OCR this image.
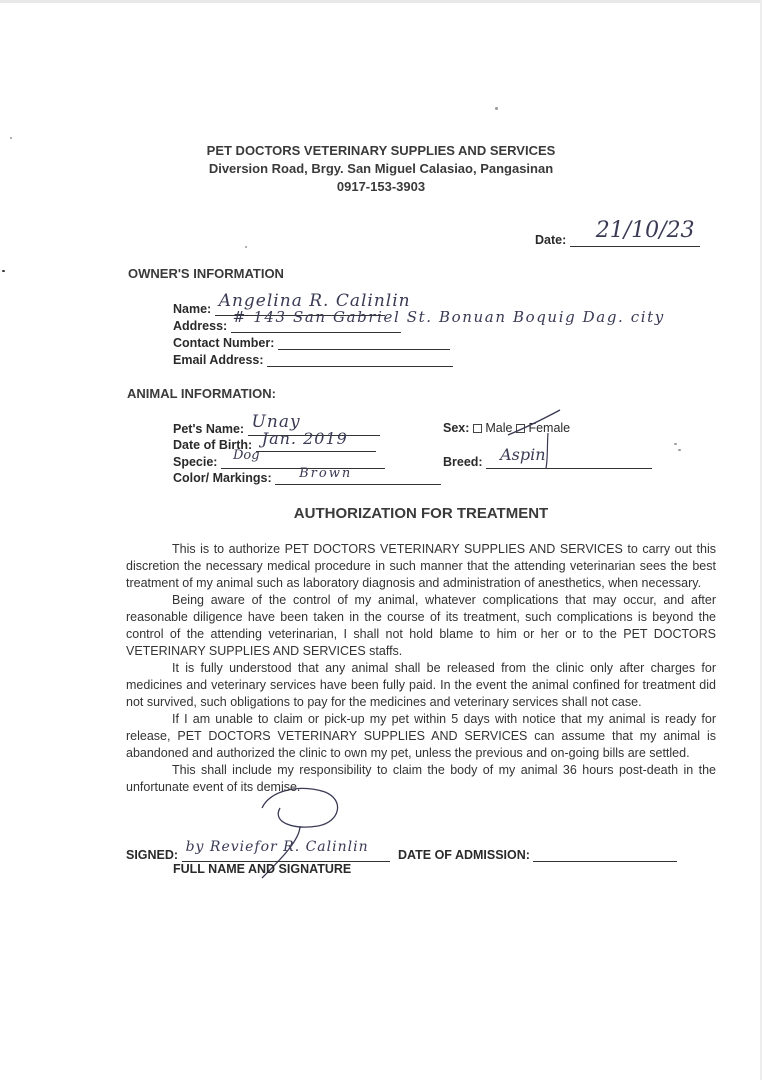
PET DOCTORS VETERINARY SUPPLIES AND SERVICES
Diversion Road, Brgy. San Miguel Calasiao, Pangasinan
0917-153-3903
Date: 21/10/23
OWNER'S INFORMATION
Name: Angelina R. Calinlin
Address: # 143 San Gabriel St. Bonuan Boquig Dag. city
Contact Number:
Email Address:
ANIMAL INFORMATION:
Pet's Name: Unay
Date of Birth: Jan. 2019
Specie: Dog
Color/ Markings: Brown
Sex: Male Female
Breed: Aspin
AUTHORIZATION FOR TREATMENT

This is to authorize PET DOCTORS VETERINARY SUPPLIES AND SERVICES to carry out this discretion the necessary medical procedure in such manner that the attending veterinarian sees the best treatment of my animal such as laboratory diagnosis and administration of anesthetics, when necessary.

Being aware of the control of my animal, whatever complications that may occur, and after reasonable diligence have been taken in the course of its treatment, such complications is beyond the control of the attending veterinarian, I shall not hold blame to him or her or to the PET DOCTORS VETERINARY SUPPLIES AND SERVICES staffs.

It is fully understood that any animal shall be released from the clinic only after charges for medicines and veterinary services have been fully paid. In the event the animal confined for treatment did not survived, such obligations to pay for the medicines and veterinary services shall not case.

If I am unable to claim or pick-up my pet within 5 days with notice that my animal is ready for release, PET DOCTORS VETERINARY SUPPLIES AND SERVICES can assume that my animal is abandoned and authorized the clinic to own my pet, unless the previous and on-going bills are settled.

This shall include my responsibility to claim the body of my animal 36 hours post-death in the unfortunate event of its demise.

SIGNED: by Reviefor R. Calinlin
FULL NAME AND SIGNATURE
DATE OF ADMISSION:
